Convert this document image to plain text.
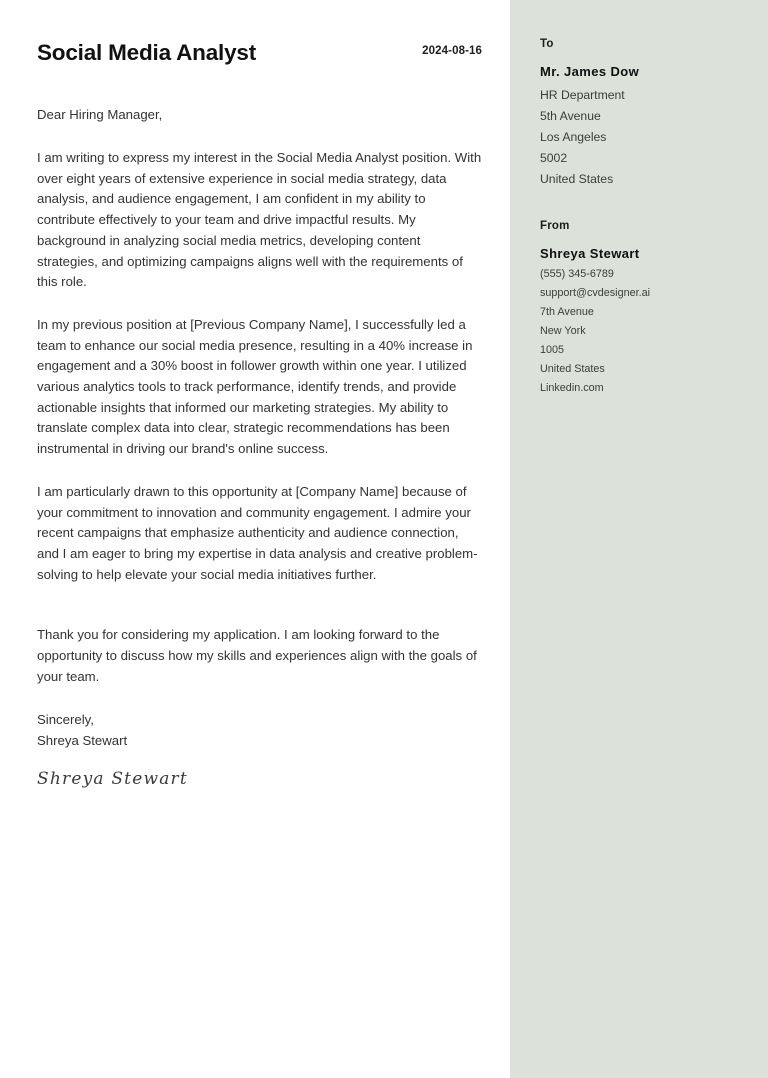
Social Media Analyst	2024-08-16

Dear Hiring Manager,

I am writing to express my interest in the Social Media Analyst position. With over eight years of extensive experience in social media strategy, data analysis, and audience engagement, I am confident in my ability to contribute effectively to your team and drive impactful results. My background in analyzing social media metrics, developing content strategies, and optimizing campaigns aligns well with the requirements of this role.

In my previous position at [Previous Company Name], I successfully led a team to enhance our social media presence, resulting in a 40% increase in engagement and a 30% boost in follower growth within one year. I utilized various analytics tools to track performance, identify trends, and provide actionable insights that informed our marketing strategies. My ability to translate complex data into clear, strategic recommendations has been instrumental in driving our brand's online success.

I am particularly drawn to this opportunity at [Company Name] because of your commitment to innovation and community engagement. I admire your recent campaigns that emphasize authenticity and audience connection, and I am eager to bring my expertise in data analysis and creative problem-solving to help elevate your social media initiatives further.

Thank you for considering my application. I am looking forward to the opportunity to discuss how my skills and experiences align with the goals of your team.

Sincerely,
Shreya Stewart
Shreya Stewart
To
Mr. James Dow
HR Department
5th Avenue
Los Angeles
5002
United States
From
Shreya Stewart
(555) 345-6789
support@cvdesigner.ai
7th Avenue
New York
1005
United States
Linkedin.com
